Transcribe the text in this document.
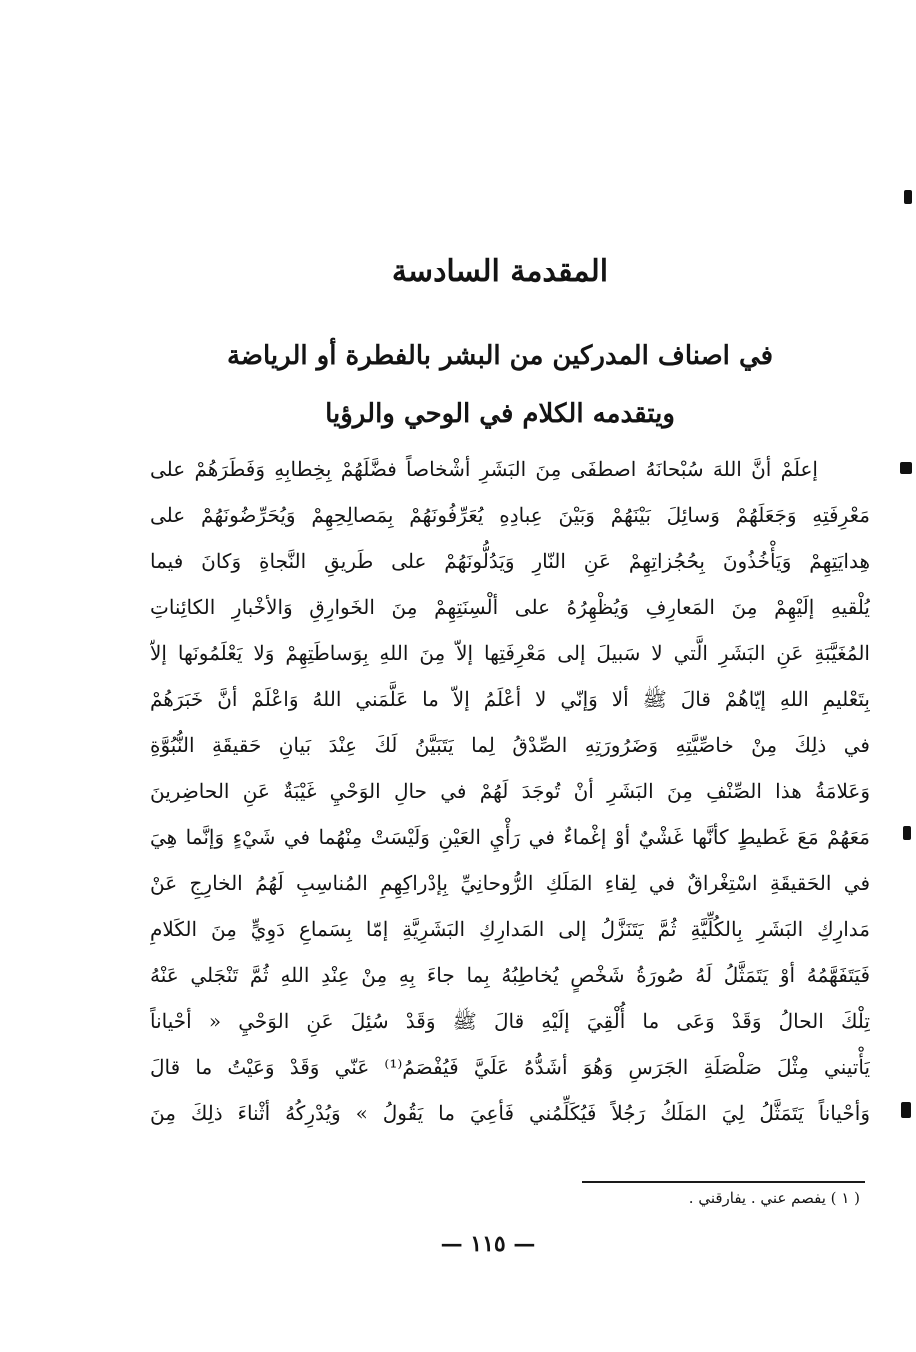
المقدمة السادسة
في اصناف المدركين من البشر بالفطرة أو الرياضة
ويتقدمه الكلام في الوحي والرؤيا
إعلَمْ أنَّ اللهَ سُبْحانَهُ اصطفَى مِنَ البَشَرِ أشْخاصاً فضَّلَهُمْ بِخِطابِهِ وَفَطَرَهُمْ على
مَعْرِفَتِهِ وَجَعَلَهُمْ وَسائِلَ بَيْنَهُمْ وَبَيْنَ عِبادِهِ يُعَرِّفُونَهُمْ بِمَصالِحِهِمْ وَيُحَرِّضُونَهُمْ على
هِدايَتِهِمْ وَيَأْخُذُونَ بِحُجُزاتِهِمْ عَنِ النّارِ وَيَدُلُّونَهُمْ على طَريقِ النَّجاةِ وَكانَ فيما
يُلْقيهِ إلَيْهِمْ مِنَ المَعارِفِ وَيُظْهِرُهُ على ألْسِنَتِهِمْ مِنَ الخَوارِقِ وَالأخْبارِ الكائِناتِ
المُغَيَّبَةِ عَنِ البَشَرِ الَّتي لا سَبيلَ إلى مَعْرِفَتِها إلاّ مِنَ اللهِ بِوَساطَتِهِمْ وَلا يَعْلَمُونَها إلاّ
بِتَعْليمِ اللهِ إيّاهُمْ قالَ ﷺ ألا وَإنّي لا أعْلَمُ إلاّ ما عَلَّمَني اللهُ وَاعْلَمْ أنَّ خَبَرَهُمْ
في ذلِكَ مِنْ خاصِّيَّتِهِ وَضَرُورَتِهِ الصِّدْقُ لِما يَتَبَيَّنُ لَكَ عِنْدَ بَيانِ حَقيقَةِ النُّبُوَّةِ
وَعَلامَةُ هذا الصِّنْفِ مِنَ البَشَرِ أنْ تُوجَدَ لَهُمْ في حالِ الوَحْيِ غَيْبَةٌ عَنِ الحاضِرينَ
مَعَهُمْ مَعَ غَطيطٍ كأنَّها غَشْيٌ أوْ إغْماءٌ في رَأْيِ العَيْنِ وَلَيْسَتْ مِنْهُما في شَيْءٍ وَإنَّما هِيَ
في الحَقيقَةِ اسْتِغْراقٌ في لِقاءِ المَلَكِ الرُّوحانِيِّ بِإدْراكِهِمِ المُناسِبِ لَهُمُ الخارِجِ عَنْ
مَدارِكِ البَشَرِ بِالكُلِّيَّةِ ثُمَّ يَتَنَزَّلُ إلى المَدارِكِ البَشَرِيَّةِ إمّا بِسَماعِ دَوِيٍّ مِنَ الكَلامِ
فَيَتَفَهَّمُهُ أوْ يَتَمَثَّلُ لَهُ صُورَةُ شَخْصٍ يُخاطِبُهُ بِما جاءَ بِهِ مِنْ عِنْدِ اللهِ ثُمَّ تَنْجَلي عَنْهُ
تِلْكَ الحالُ وَقَدْ وَعَى ما أُلْقِيَ إلَيْهِ قالَ ﷺ وَقَدْ سُئِلَ عَنِ الوَحْيِ « أحْياناً
يَأْتيني مِثْلَ صَلْصَلَةِ الجَرَسِ وَهُوَ أشَدُّهُ عَلَيَّ فَيُفْصَمُ⁽¹⁾ عَنّي وَقَدْ وَعَيْتُ ما قالَ
وَأحْياناً يَتَمَثَّلُ لِيَ المَلَكُ رَجُلاً فَيُكَلِّمُني فَأعِيَ ما يَقُولُ » وَيُدْرِكُهُ أثْناءَ ذلِكَ مِنَ
( ١ ) يفصم عني . يفارقني .
— ١١٥ —
